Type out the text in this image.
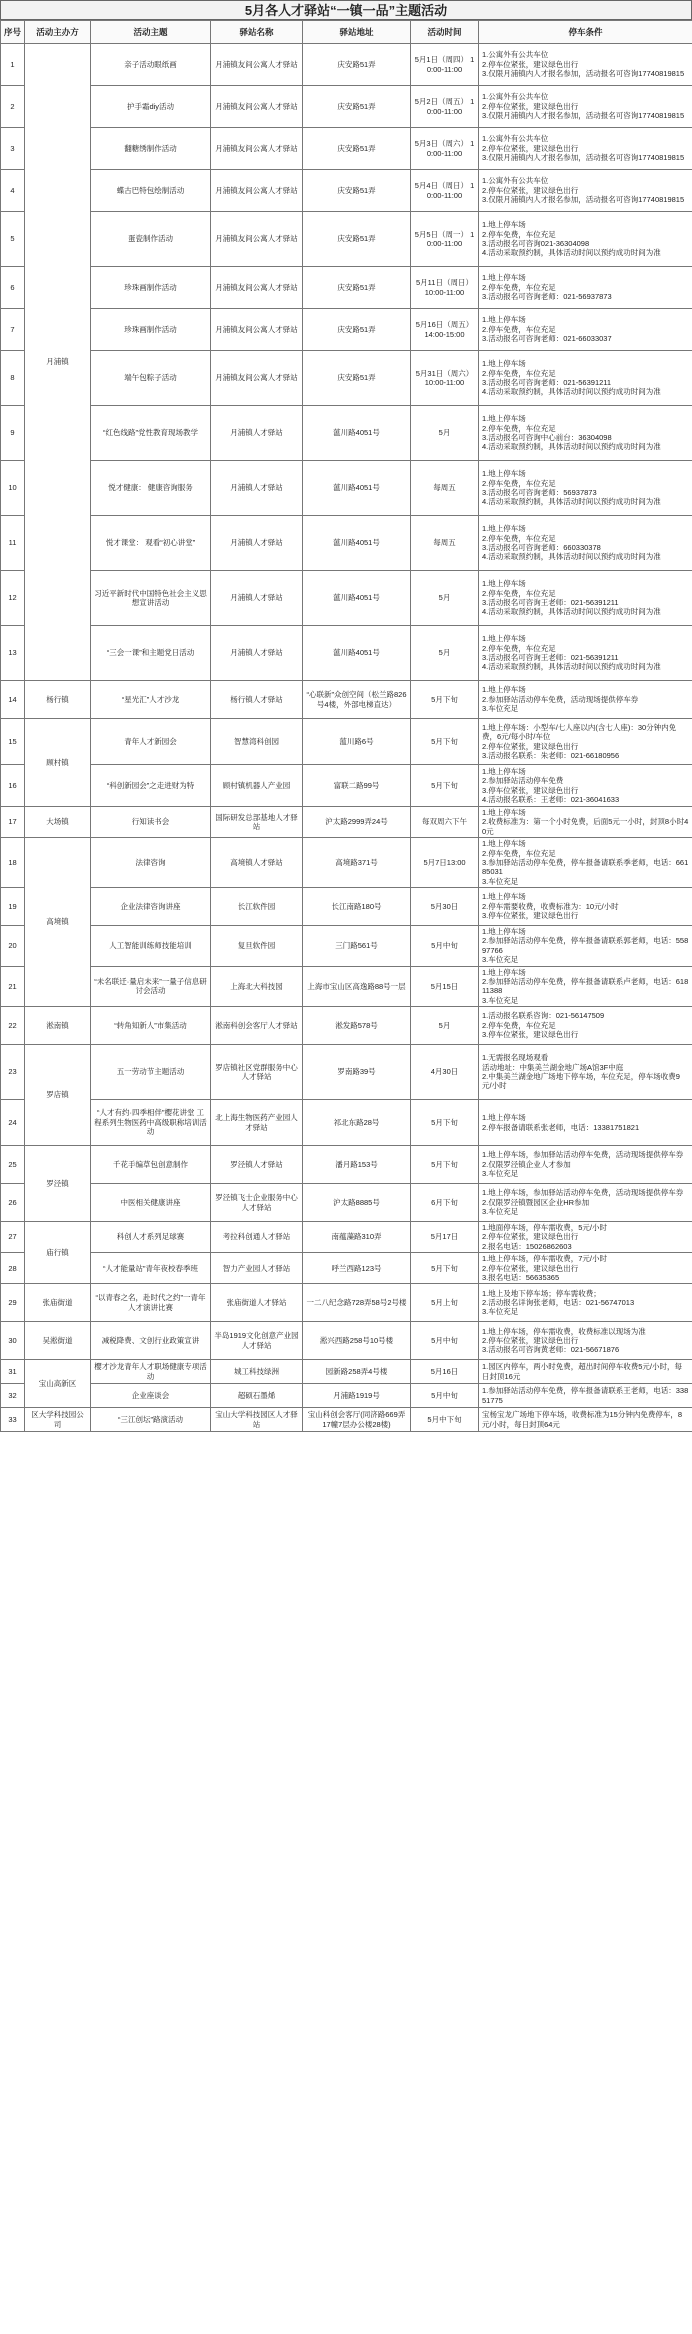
5月各人才驿站“一镇一品”主题活动
序号	活动主办方	活动主题	驿站名称	驿站地址	活动时间	停车条件
1	月浦镇	亲子活动眼纸画	月浦镇友间公寓人才驿站	庆安路51弄	5月1日（周四） 10:00-11:00	1.公寓外有公共车位
2.停车位紧张，建议绿色出行
3.仅限月浦镇内人才报名参加，活动报名可咨询17740819815
2		护手霜diy活动	月浦镇友间公寓人才驿站	庆安路51弄	5月2日（周五） 10:00-11:00	1.公寓外有公共车位
2.停车位紧张，建议绿色出行
3.仅限月浦镇内人才报名参加，活动报名可咨询17740819815
3		翻糖绣制作活动	月浦镇友间公寓人才驿站	庆安路51弄	5月3日（周六） 10:00-11:00	1.公寓外有公共车位
2.停车位紧张，建议绿色出行
3.仅限月浦镇内人才报名参加，活动报名可咨询17740819815
4		蝶古巴特包绘制活动	月浦镇友间公寓人才驿站	庆安路51弄	5月4日（周日） 10:00-11:00	1.公寓外有公共车位
2.停车位紧张，建议绿色出行
3.仅限月浦镇内人才报名参加，活动报名可咨询17740819815
5		蛋瓷制作活动	月浦镇友间公寓人才驿站	庆安路51弄	5月5日（周一） 10:00-11:00	1.地上停车场
2.停车免费，车位充足
3.活动报名可咨询021-36304098
4.活动采取预约制，具体活动时间以预约成功时间为准
6		珍珠画制作活动	月浦镇友间公寓人才驿站	庆安路51弄	5月11日（周日） 10:00-11:00	1.地上停车场
2.停车免费，车位充足
3.活动报名可咨询老师：021-56937873
7		珍珠画制作活动	月浦镇友间公寓人才驿站	庆安路51弄	5月16日（周五） 14:00-15:00	1.地上停车场
2.停车免费，车位充足
3.活动报名可咨询老师：021-66033037
8		端午包粽子活动	月浦镇友间公寓人才驿站	庆安路51弄	5月31日（周六） 10:00-11:00	1.地上停车场
2.停车免费，车位充足
3.活动报名可咨询老师：021-56391211
4.活动采取预约制，具体活动时间以预约成功时间为准
9		“红色线路”党性教育现场教学	月浦镇人才驿站	蕰川路4051号	5月	1.地上停车场
2.停车免费，车位充足
3.活动报名可咨询中心前台：36304098
4.活动采取预约制，具体活动时间以预约成功时间为准
10		悦才健康： 健康咨询服务	月浦镇人才驿站	蕰川路4051号	每周五	1.地上停车场
2.停车免费，车位充足
3.活动报名可咨询老师：56937873
4.活动采取预约制，具体活动时间以预约成功时间为准
11		悦才课堂： 观看“初心讲堂”	月浦镇人才驿站	蕰川路4051号	每周五	1.地上停车场
2.停车免费，车位充足
3.活动报名可咨询老师：660330378
4.活动采取预约制，具体活动时间以预约成功时间为准
12		习近平新时代中国特色社会主义思想宣讲活动	月浦镇人才驿站	蕰川路4051号	5月	1.地上停车场
2.停车免费，车位充足
3.活动报名可咨询王老师：021-56391211
4.活动采取预约制，具体活动时间以预约成功时间为准
13		“三会一课”和主题党日活动	月浦镇人才驿站	蕰川路4051号	5月	1.地上停车场
2.停车免费，车位充足
3.活动报名可咨询王老师：021-56391211
4.活动采取预约制，具体活动时间以预约成功时间为准
14	杨行镇	“星光汇”人才沙龙	杨行镇人才驿站	“心联新”众创空间（松兰路826号4楼，外部电梯直达）	5月下旬	1.地上停车场
2.参加驿站活动停车免费，活动现场提供停车券
3.车位充足
15	顾村镇	青年人才新园会	智慧湾科创园	蕰川路6号	5月下旬	1.地上停车场：小型车/七人座以内(含七人座)：30分钟内免费，6元/每小时/车位
2.停车位紧张，建议绿色出行
3.活动报名联系：朱老师：021-66180956
16		“科创新园会”之走进财为特	顾村镇机器人产业园	富联二路99号	5月下旬	1.地上停车场
2.参加驿站活动停车免费
3.停车位紧张，建议绿色出行
4.活动报名联系：王老师：021-36041633
17	大场镇	行知读书会	国际研发总部基地人才驿站	沪太路2999弄24号	每双周六下午	1.地上停车场
2.收费标准为：第一个小时免费，后面5元一小时，封顶8小时40元
18	高境镇	法律咨询	高境镇人才驿站	高境路371号	5月7日13:00	1.地上停车场
2.停车免费，车位充足
3.参加驿站活动停车免费，停车报备请联系季老师，电话：66185031
3.车位充足
19		企业法律咨询讲座	长江软件园	长江南路180号	5月30日	1.地上停车场
2.停车需要收费，收费标准为：10元/小时
3.停车位紧张，建议绿色出行
20		人工智能训练师技能培训	复旦软件园	三门路561号	5月中旬	1.地上停车场
2.参加驿站活动停车免费，停车报备请联系郭老师，电话：55897766
3.车位充足
21		“未名联迁·量启未来”一量子信息研讨会活动	上海北大科技园	上海市宝山区高逸路88号一层	5月15日	1.地上停车场
2.参加驿站活动停车免费，停车报备请联系卢老师，电话：61811388
3.车位充足
22	淞南镇	“转角知新人”市集活动	淞南科创会客厅人才驿站	淞发路578号	5月	1.活动报名联系咨询：021-56147509
2.停车免费，车位充足
3.停车位紧张，建议绿色出行
23	罗店镇	五一劳动节主题活动	罗店镇社区党群服务中心人才驿站	罗南路39号	4月30日	1.无需报名现场观看
活动地址：中集美兰湖金地广场A馆3F中庭
2.中集美兰湖金地广场地下停车场，车位充足，停车场收费9元/小时
24		“人才有约·四季相伴”樱花讲堂 工程系列生物医药中高级职称培训活动	北上海生物医药产业园人才驿站	祁北东路28号	5月下旬	1.地上停车场
2.停车报备请联系张老师，电话：13381751821
25	罗泾镇	千花手编草包创意制作	罗泾镇人才驿站	潘月路153号	5月下旬	1.地上停车场，参加驿站活动停车免费，活动现场提供停车券
2.仅限罗泾镇企业人才参加
3.车位充足
26		中医相关健康讲座	罗泾镇飞士企业服务中心人才驿站	沪太路8885号	6月下旬	1.地上停车场，参加驿站活动停车免费，活动现场提供停车券
2.仅限罗泾镇暨园区企业HR参加
3.车位充足
27	庙行镇	科创人才系列足球赛	考拉科创通人才驿站	南蕴藻路310弄	5月17日	1.地面停车场，停车需收费，5元/小时
2.停车位紧张，建议绿色出行
2.报名电话：15026862603
28		“人才能量站”青年夜校春季班	智力产业园人才驿站	呼兰西路123号	5月下旬	1.地上停车场，停车需收费，7元/小时
2.停车位紧张，建议绿色出行
3.报名电话：56635365
29	张庙街道	“以青春之名，赴时代之约”一青年人才演讲比赛	张庙街道人才驿站	一二八纪念路728弄58号2号楼	5月上旬	1.地上及地下停车场；停车需收费；
2.活动报名详询张老师，电话：021-56747013
3.车位充足
30	吴淞街道	减税降费、文创行业政策宣讲	半岛1919文化创意产业园人才驿站	淞兴西路258号10号楼	5月中旬	1.地上停车场，停车需收费，收费标准以现场为准
2.停车位紧张，建议绿色出行
3.活动报名可咨询黄老师：021-56671876
31	宝山高新区	樱才沙龙青年人才职场健康专项活动	城工科技绿洲	园新路258弄4号楼	5月16日	1.园区内停车，两小时免费，超出时间停车收费5元/小时，每日封顶16元
32		企业座谈会	超硕石墨烯	月浦路1919号	5月中旬	1.参加驿站活动停车免费，停车报备请联系王老师，电话：33851775
33	区大学科技园公司	“三江创坛”路演活动	宝山大学科技园区人才驿站	宝山科创会客厅(同济路669弄17幢7层办公楼28楼)	5月中下旬	宝杨宝龙广场地下停车场，收费标准为15分钟内免费停车，8元/小时，每日封顶64元
